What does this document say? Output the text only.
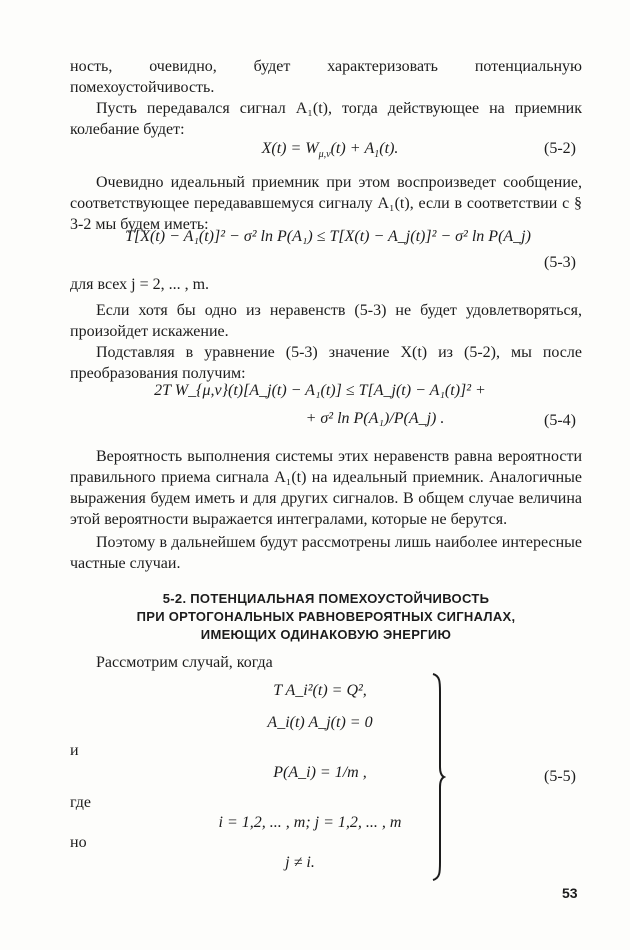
ность, очевидно, будет характеризовать потенциальную помехоустойчивость.

Пусть передавался сигнал A₁(t), тогда действующее на приемник колебание будет:

$X(t) = W_{\mu,\nu}(t) + A_1(t)$.	(5-2)

Очевидно идеальный приемник при этом воспроизведет сообщение, соответствующее передававшемуся сигналу A₁(t), если в соответствии с § 3-2 мы будем иметь:

T[X(t) − A₁(t)]² − σ² ln P(A₁) ≤ T[X(t) − A_j(t)]² − σ² ln P(A_j)
(5-3)

для всех j = 2, ... , m.

Если хотя бы одно из неравенств (5-3) не будет удовлетворяться, произойдет искажение.

Подставляя в уравнение (5-3) значение X(t) из (5-2), мы после преобразования получим:

2T W_{μ,ν}(t)[A_j(t) − A₁(t)] ≤ T[A_j(t) − A₁(t)]² +
+ σ² ln P(A₁)/P(A_j) .	(5-4)

Вероятность выполнения системы этих неравенств равна вероятности правильного приема сигнала A₁(t) на идеальный приемник. Аналогичные выражения будем иметь и для других сигналов. В общем случае величина этой вероятности выражается интегралами, которые не берутся.

Поэтому в дальнейшем будут рассмотрены лишь наиболее интересные частные случаи.

5-2. ПОТЕНЦИАЛЬНАЯ ПОМЕХОУСТОЙЧИВОСТЬ
ПРИ ОРТОГОНАЛЬНЫХ РАВНОВЕРОЯТНЫХ СИГНАЛАХ,
ИМЕЮЩИХ ОДИНАКОВУЮ ЭНЕРГИЮ

Рассмотрим случай, когда

T A_i²(t) = Q²,
A_i(t) A_j(t) = 0
и
P(A_i) = 1/m ,
где
i = 1,2, ... , m; j = 1,2, ... , m
но
j ≠ i.
(5-5)
53
